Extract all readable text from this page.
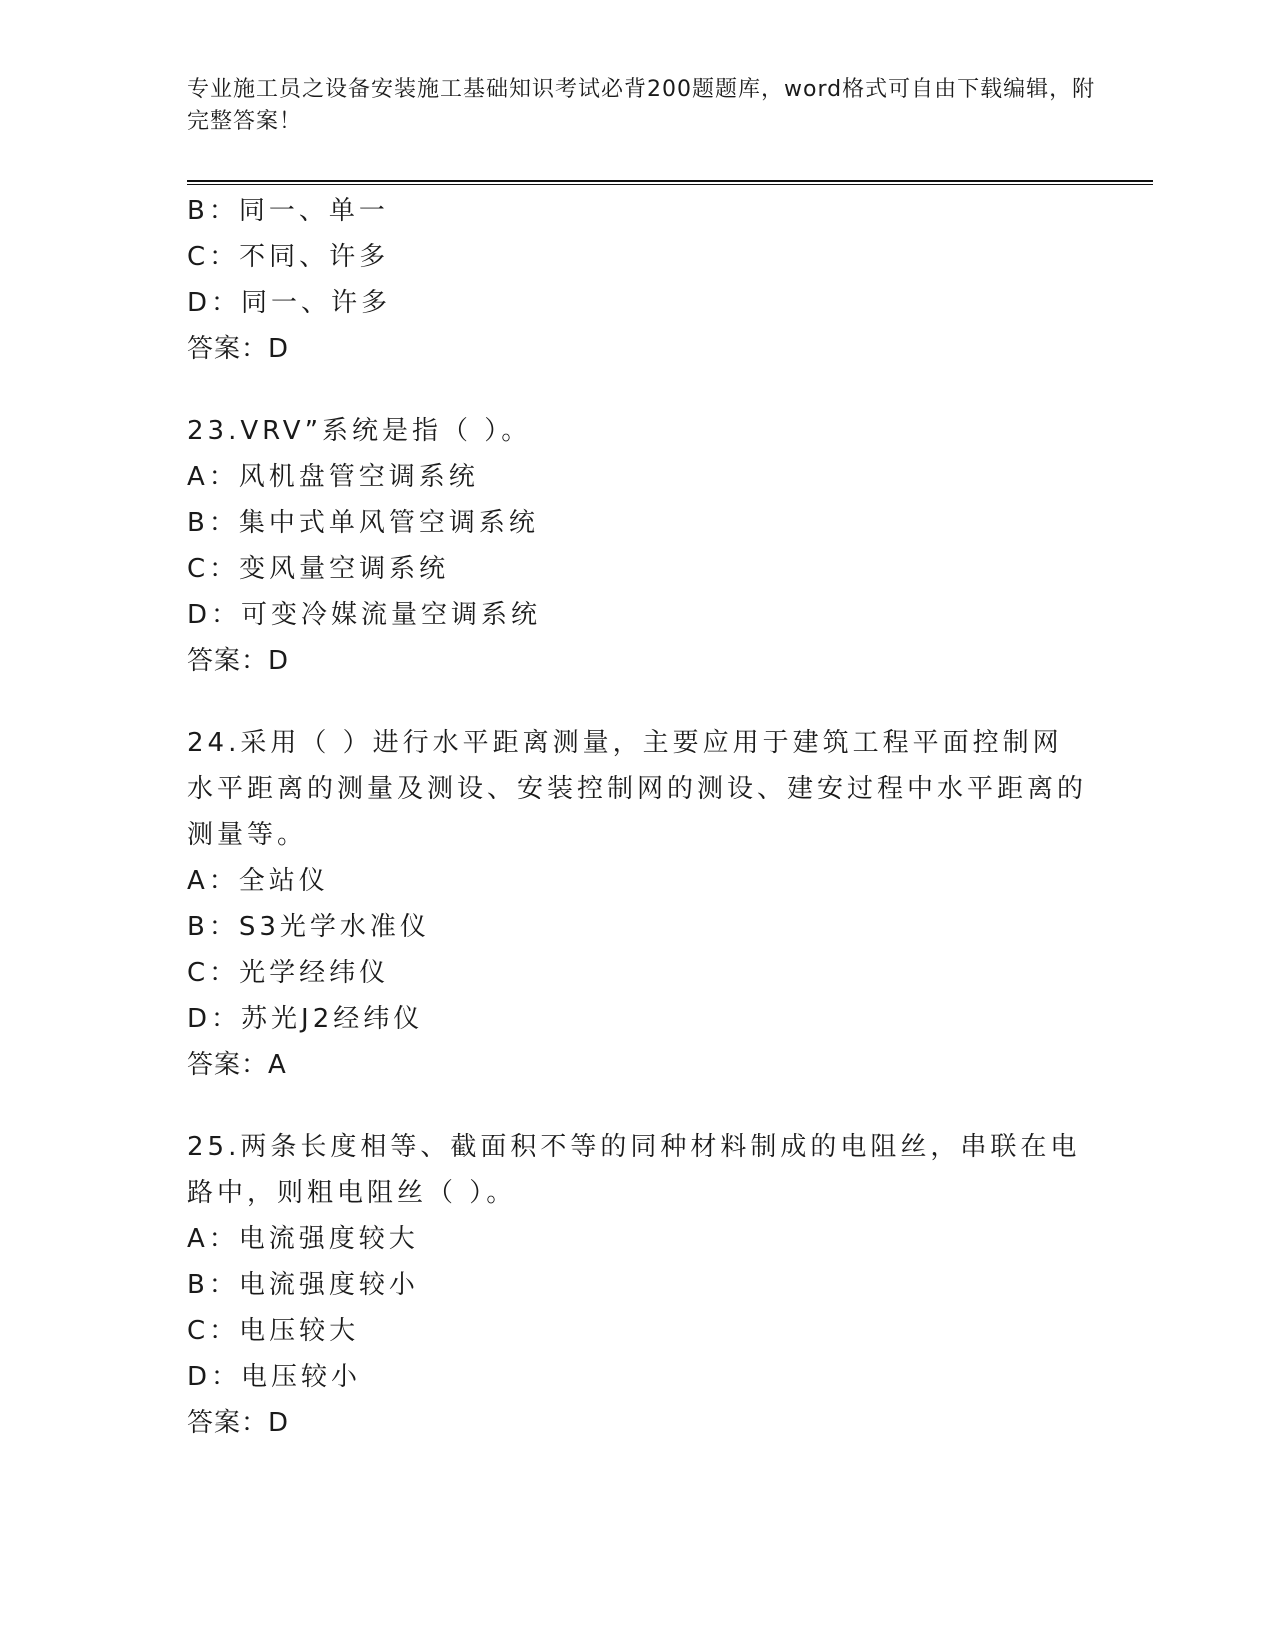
专业施工员之设备安装施工基础知识考试必背200题题库，word格式可自由下载编辑，附完整答案！
B：同一、单一
C：不同、许多
D：同一、许多
答案：D
23.VRV”系统是指（ ）。
A：风机盘管空调系统
B：集中式单风管空调系统
C：变风量空调系统
D：可变冷媒流量空调系统
答案：D
24.采用（ ）进行水平距离测量，主要应用于建筑工程平面控制网水平距离的测量及测设、安装控制网的测设、建安过程中水平距离的测量等。
A：全站仪
B：S3光学水准仪
C：光学经纬仪
D：苏光J2经纬仪
答案：A
25.两条长度相等、截面积不等的同种材料制成的电阻丝，串联在电路中，则粗电阻丝（ ）。
A：电流强度较大
B：电流强度较小
C：电压较大
D：电压较小
答案：D
